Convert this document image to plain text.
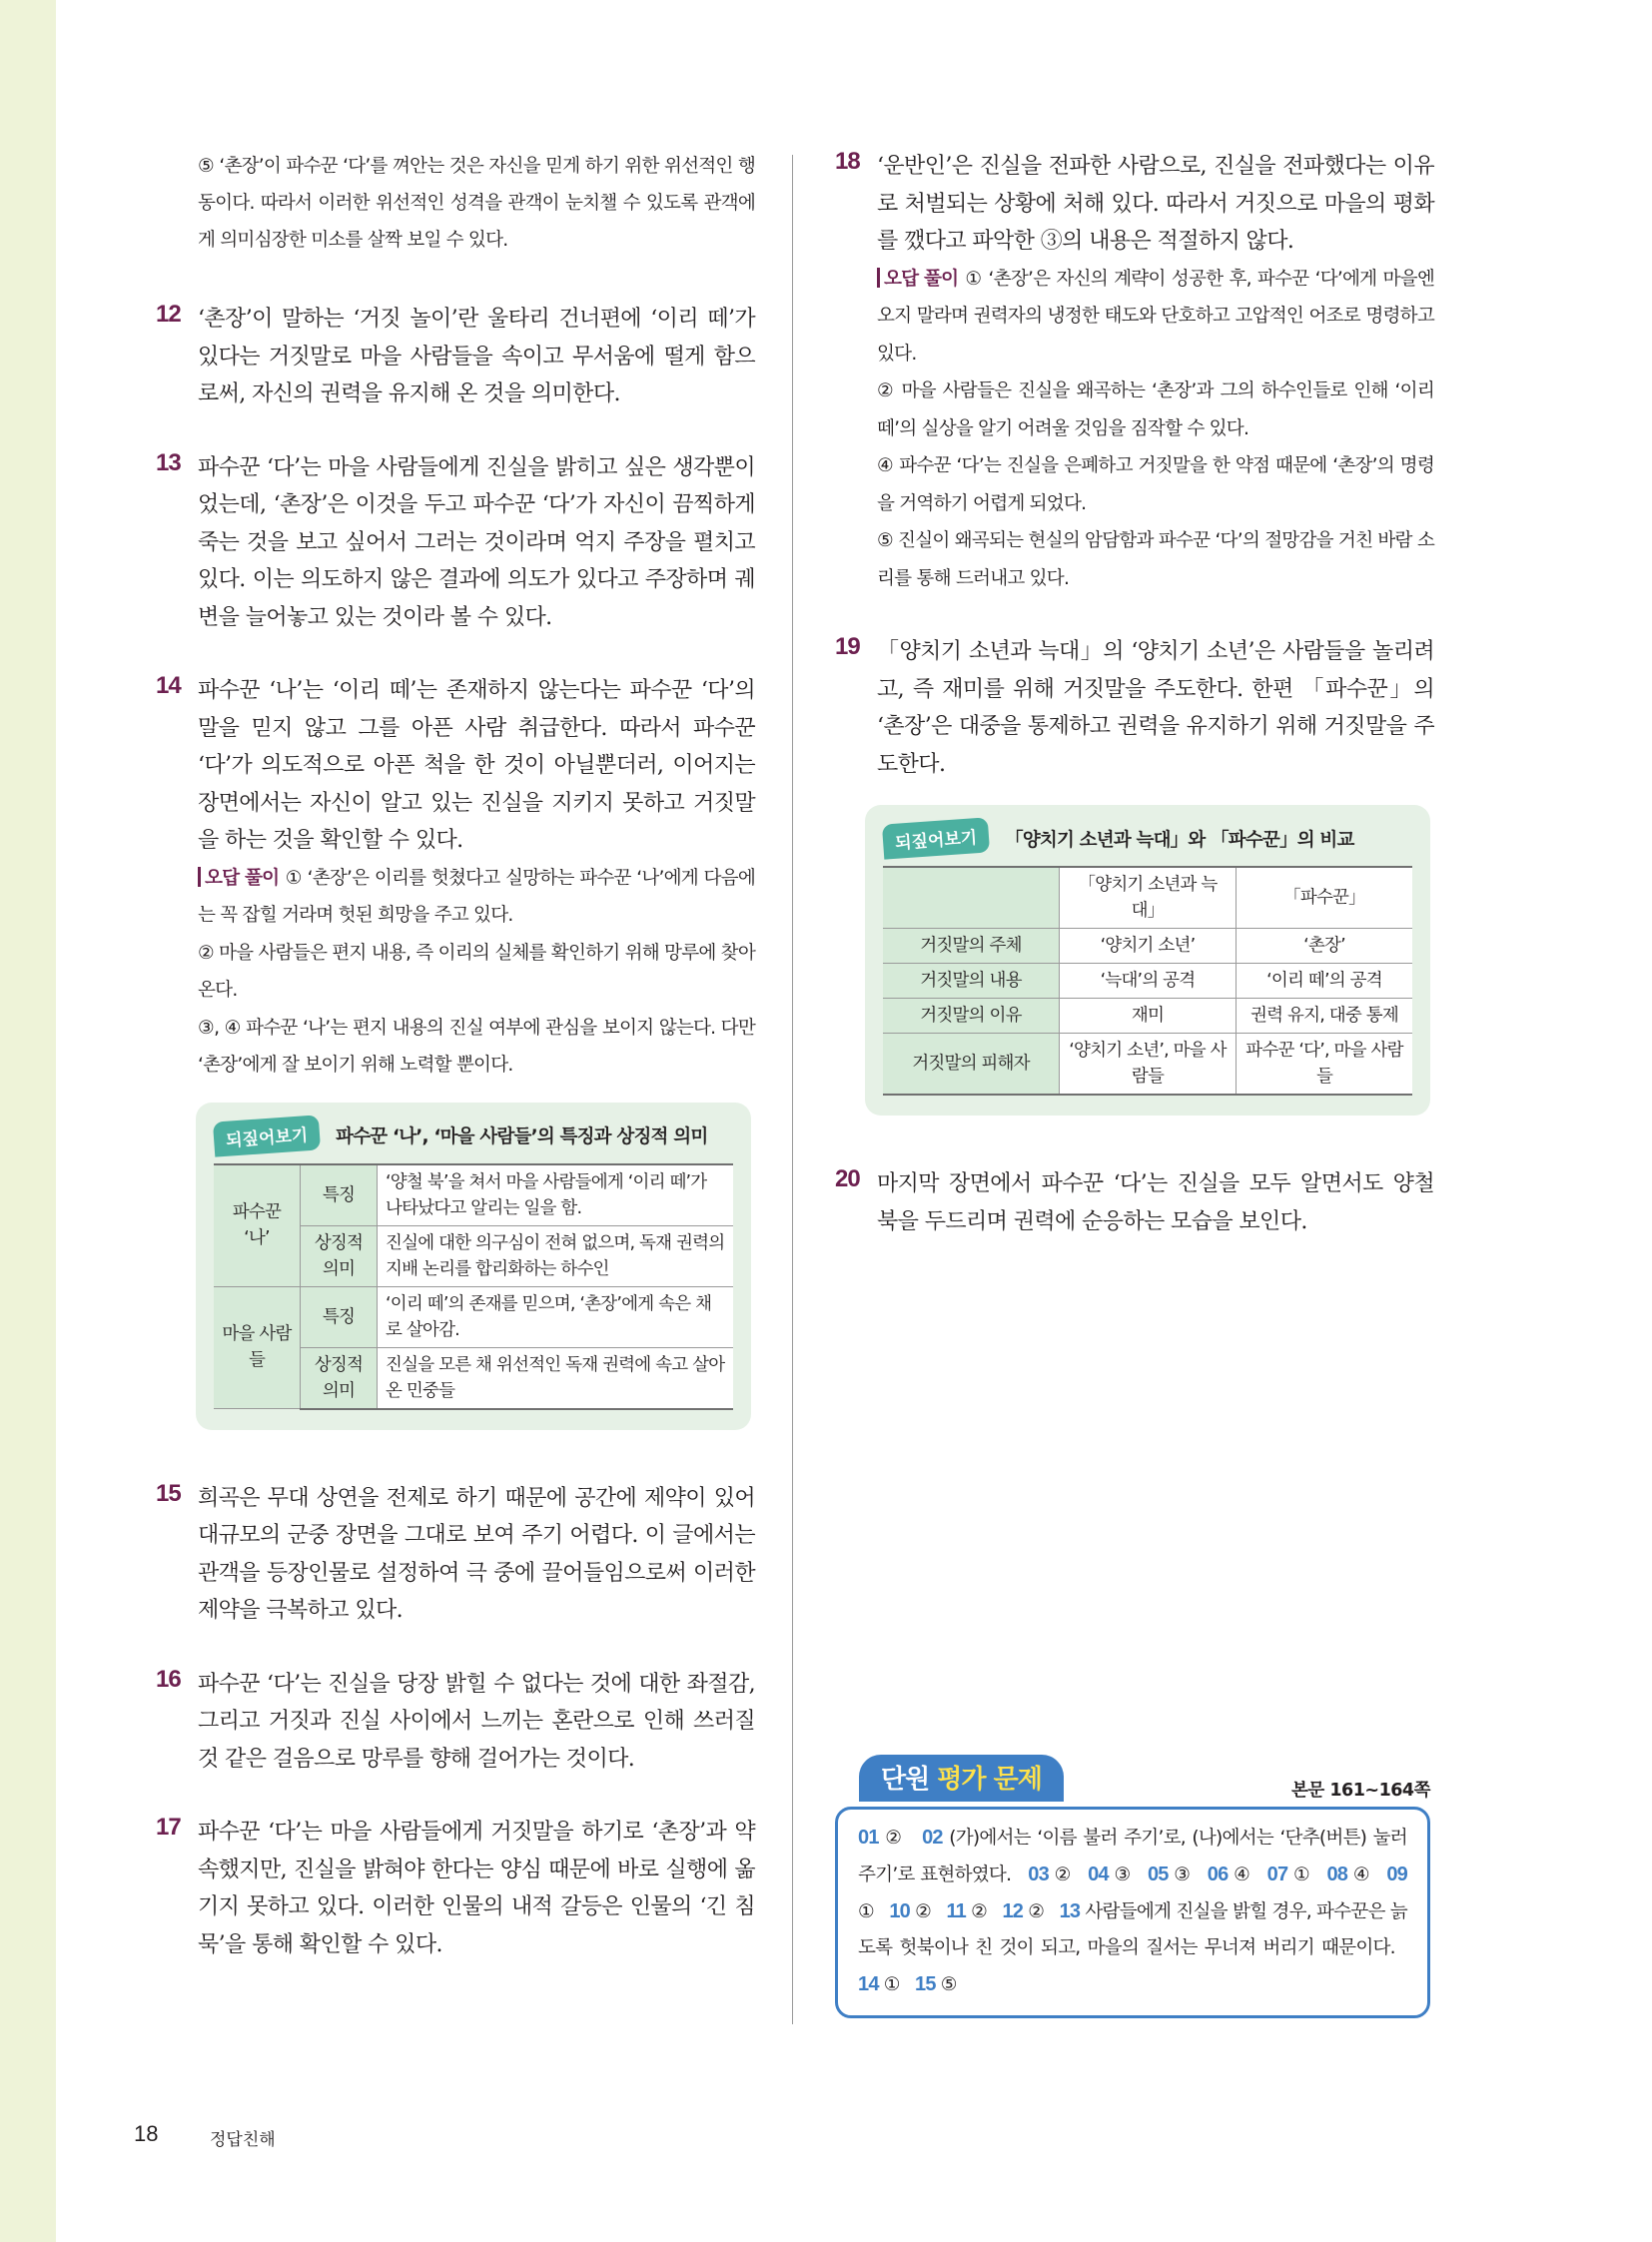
⑤ ‘촌장’이 파수꾼 ‘다’를 껴안는 것은 자신을 믿게 하기 위한 위선적인 행동이다. 따라서 이러한 위선적인 성격을 관객이 눈치챌 수 있도록 관객에게 의미심장한 미소를 살짝 보일 수 있다.

12 ‘촌장’이 말하는 ‘거짓 놀이’란 울타리 건너편에 ‘이리 떼’가 있다는 거짓말로 마을 사람들을 속이고 무서움에 떨게 함으로써, 자신의 권력을 유지해 온 것을 의미한다.

13 파수꾼 ‘다’는 마을 사람들에게 진실을 밝히고 싶은 생각뿐이었는데, ‘촌장’은 이것을 두고 파수꾼 ‘다’가 자신이 끔찍하게 죽는 것을 보고 싶어서 그러는 것이라며 억지 주장을 펼치고 있다. 이는 의도하지 않은 결과에 의도가 있다고 주장하며 궤변을 늘어놓고 있는 것이라 볼 수 있다.

14 파수꾼 ‘나’는 ‘이리 떼’는 존재하지 않는다는 파수꾼 ‘다’의 말을 믿지 않고 그를 아픈 사람 취급한다. 따라서 파수꾼 ‘다’가 의도적으로 아픈 척을 한 것이 아닐뿐더러, 이어지는 장면에서는 자신이 알고 있는 진실을 지키지 못하고 거짓말을 하는 것을 확인할 수 있다.

오답 풀이 ① ‘촌장’은 이리를 헛쳤다고 실망하는 파수꾼 ‘나’에게 다음에는 꼭 잡힐 거라며 헛된 희망을 주고 있다.

② 마을 사람들은 편지 내용, 즉 이리의 실체를 확인하기 위해 망루에 찾아온다.

③, ④ 파수꾼 ‘나’는 편지 내용의 진실 여부에 관심을 보이지 않는다. 다만 ‘촌장’에게 잘 보이기 위해 노력할 뿐이다.

되짚어보기	파수꾼 ‘나’, ‘마을 사람들’의 특징과 상징적 의미
파수꾼 ‘나’	특징	‘양철 북’을 쳐서 마을 사람들에게 ‘이리 떼’가 나타났다고 알리는 일을 함.
	상징적 의미	진실에 대한 의구심이 전혀 없으며, 독재 권력의 지배 논리를 합리화하는 하수인
마을 사람들	특징	‘이리 떼’의 존재를 믿으며, ‘촌장’에게 속은 채로 살아감.
	상징적 의미	진실을 모른 채 위선적인 독재 권력에 속고 살아온 민중들
15 희곡은 무대 상연을 전제로 하기 때문에 공간에 제약이 있어 대규모의 군중 장면을 그대로 보여 주기 어렵다. 이 글에서는 관객을 등장인물로 설정하여 극 중에 끌어들임으로써 이러한 제약을 극복하고 있다.

16 파수꾼 ‘다’는 진실을 당장 밝힐 수 없다는 것에 대한 좌절감, 그리고 거짓과 진실 사이에서 느끼는 혼란으로 인해 쓰러질 것 같은 걸음으로 망루를 향해 걸어가는 것이다.

17 파수꾼 ‘다’는 마을 사람들에게 거짓말을 하기로 ‘촌장’과 약속했지만, 진실을 밝혀야 한다는 양심 때문에 바로 실행에 옮기지 못하고 있다. 이러한 인물의 내적 갈등은 인물의 ‘긴 침묵’을 통해 확인할 수 있다.

18 ‘운반인’은 진실을 전파한 사람으로, 진실을 전파했다는 이유로 처벌되는 상황에 처해 있다. 따라서 거짓으로 마을의 평화를 깼다고 파악한 ③의 내용은 적절하지 않다.

오답 풀이 ① ‘촌장’은 자신의 계략이 성공한 후, 파수꾼 ‘다’에게 마을엔 오지 말라며 권력자의 냉정한 태도와 단호하고 고압적인 어조로 명령하고 있다.

② 마을 사람들은 진실을 왜곡하는 ‘촌장’과 그의 하수인들로 인해 ‘이리 떼’의 실상을 알기 어려울 것임을 짐작할 수 있다.

④ 파수꾼 ‘다’는 진실을 은폐하고 거짓말을 한 약점 때문에 ‘촌장’의 명령을 거역하기 어렵게 되었다.

⑤ 진실이 왜곡되는 현실의 암담함과 파수꾼 ‘다’의 절망감을 거친 바람 소리를 통해 드러내고 있다.

19 「양치기 소년과 늑대」의 ‘양치기 소년’은 사람들을 놀리려고, 즉 재미를 위해 거짓말을 주도한다. 한편 「파수꾼」의 ‘촌장’은 대중을 통제하고 권력을 유지하기 위해 거짓말을 주도한다.

되짚어보기	「양치기 소년과 늑대」와 「파수꾼」의 비교
	「양치기 소년과 늑대」	「파수꾼」
거짓말의 주체	‘양치기 소년’	‘촌장’
거짓말의 내용	‘늑대’의 공격	‘이리 떼’의 공격
거짓말의 이유	재미	권력 유지, 대중 통제
거짓말의 피해자	‘양치기 소년’, 마을 사람들	파수꾼 ‘다’, 마을 사람들
20 마지막 장면에서 파수꾼 ‘다’는 진실을 모두 알면서도 양철 북을 두드리며 권력에 순응하는 모습을 보인다.

단원 평가 문제	본문 161~164쪽
01 ② 02 (가)에서는 ‘이름 불러 주기’로, (나)에서는 ‘단추(버튼) 눌러 주기’로 표현하였다. 03 ② 04 ③ 05 ③ 06 ④ 07 ① 08 ④ 09 ① 10 ② 11 ② 12 ② 13 사람들에게 진실을 밝힐 경우, 파수꾼은 늙도록 헛북이나 친 것이 되고, 마을의 질서는 무너져 버리기 때문이다.   14 ① 15 ⑤
18	정답친해
